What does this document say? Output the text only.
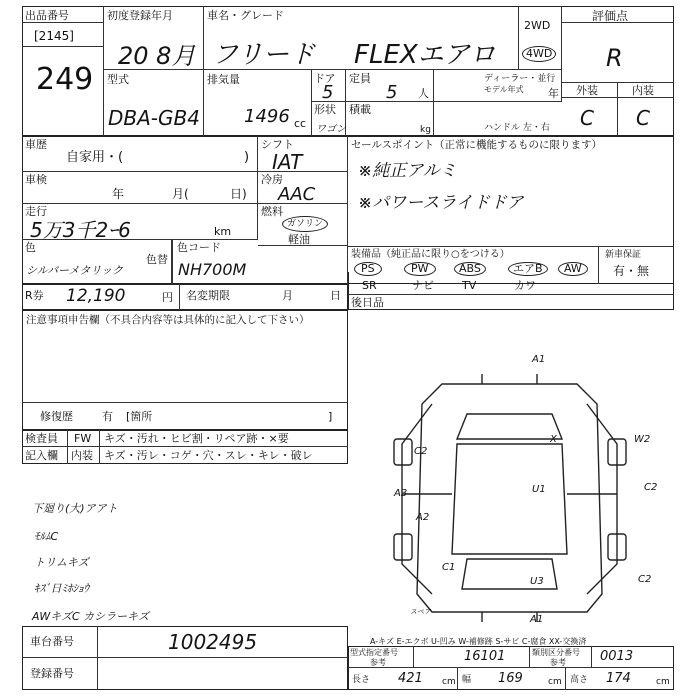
出品番号
[2145]
249
初度登録年月
20 8月
車名・グレード
フリード FLEXエアロ
2WD
4WD
評価点
R
型式
DBA-GB4
排気量
1496 cc
ドア
5
定員
5 人
ディーラー・並行
モデル年式 年 外装	内装
C C
形状
ワゴン
積載
kg	ハンドル 左・右
車歴
自家用・(	)
シフト
IAT
セールスポイント（正常に機能するものに限ります）
※純正アルミ
※パワースライドドア
車検
年	月(	日)
冷房
AAC
走行
5万3千2ｰ6	km
燃料
ガソリン
軽油
色
シルバーメタリック
色替
色コード
NH700M
装備品（純正品に限り○をつける）
PS	PW	ABS	エアB	AW
新車保証
有・無
R券 12,190	円 名変期限	月	日
SR	ナビ	TV	カワ
後日品
注意事項申告欄（不具合内容等は具体的に記入して下さい）
修復歴	有 [箇所	]
検査員
記入欄
FW
内装
キズ・汚れ・ヒビ割・リペア跡・×要
キズ・汚レ・コゲ・穴・スレ・キレ・破レ
下廻り(大)アアト
ﾓﾙﾑC
トリムキズ
ｷｽﾞ日ﾐﾎｼｮｳ
AWキズC カシラーキズ
A1
X
C2
W2
A3
A2
U1	C2
C1
U3	C2
A1
スペア
A-キズ E-エクボ U-凹み W-補修跡 S-サビ C-腐食 XX-交換済
車台番号	1002495
登録番号
型式指定番号
参考	16101	類別区分番号
参考	0013
長さ 421 cm 幅 169	cm 高さ 174	cm
